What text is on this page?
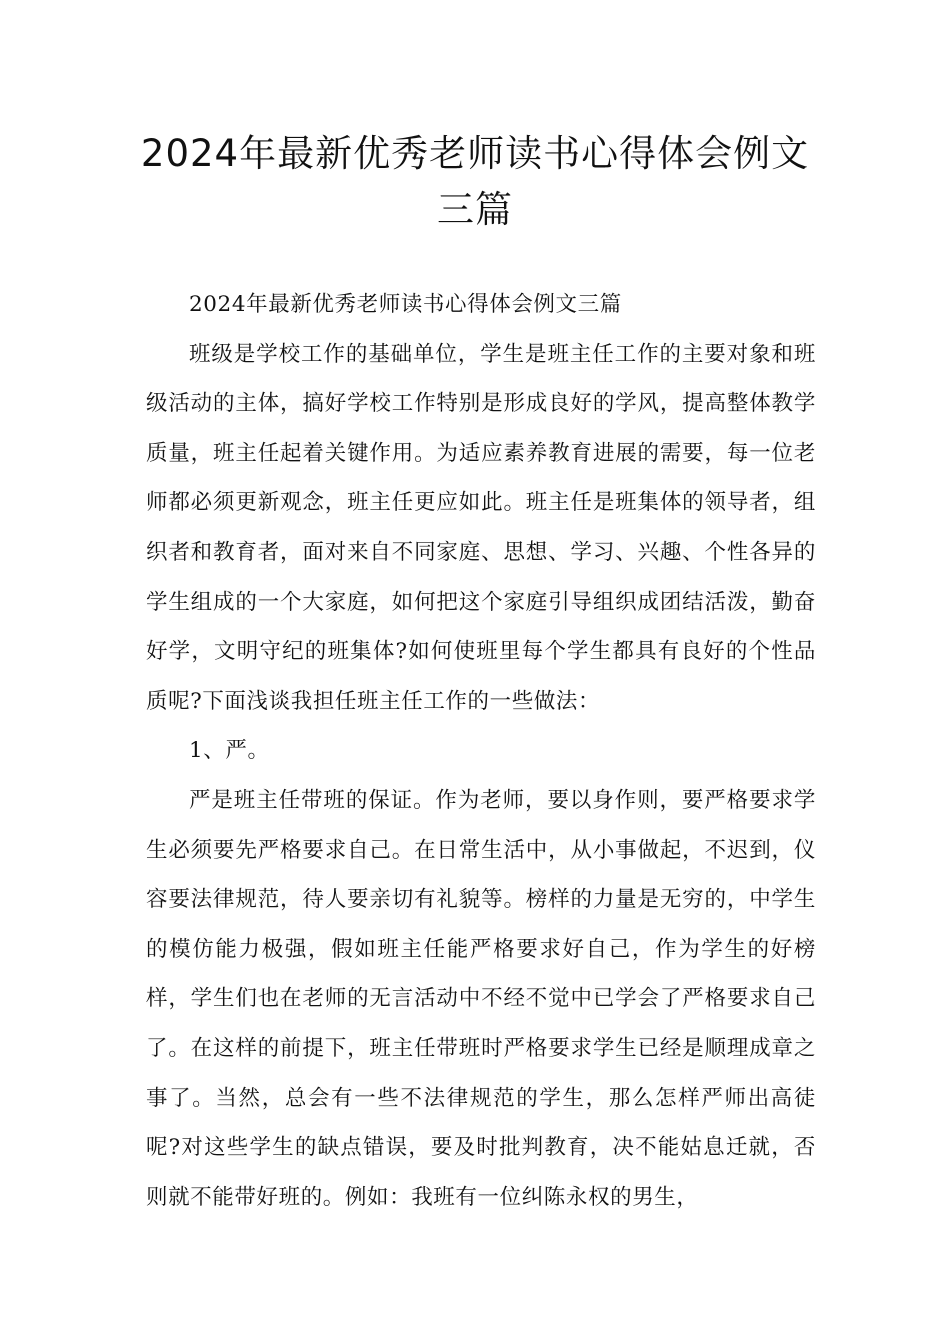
2024年最新优秀老师读书心得体会例文
三篇

2024年最新优秀老师读书心得体会例文三篇

班级是学校工作的基础单位，学生是班主任工作的主要对象和班级活动的主体，搞好学校工作特别是形成良好的学风，提高整体教学质量，班主任起着关键作用。为适应素养教育进展的需要，每一位老师都必须更新观念，班主任更应如此。班主任是班集体的领导者，组织者和教育者，面对来自不同家庭、思想、学习、兴趣、个性各异的学生组成的一个大家庭，如何把这个家庭引导组织成团结活泼，勤奋好学，文明守纪的班集体?如何使班里每个学生都具有良好的个性品质呢?下面浅谈我担任班主任工作的一些做法：

1、严。

严是班主任带班的保证。作为老师，要以身作则，要严格要求学生必须要先严格要求自己。在日常生活中，从小事做起，不迟到，仪容要法律规范，待人要亲切有礼貌等。榜样的力量是无穷的，中学生的模仿能力极强，假如班主任能严格要求好自己，作为学生的好榜样，学生们也在老师的无言活动中不经不觉中已学会了严格要求自己了。在这样的前提下，班主任带班时严格要求学生已经是顺理成章之事了。当然，总会有一些不法律规范的学生，那么怎样严师出高徒呢?对这些学生的缺点错误，要及时批判教育，决不能姑息迁就，否则就不能带好班的。例如：我班有一位纠陈永权的男生，
